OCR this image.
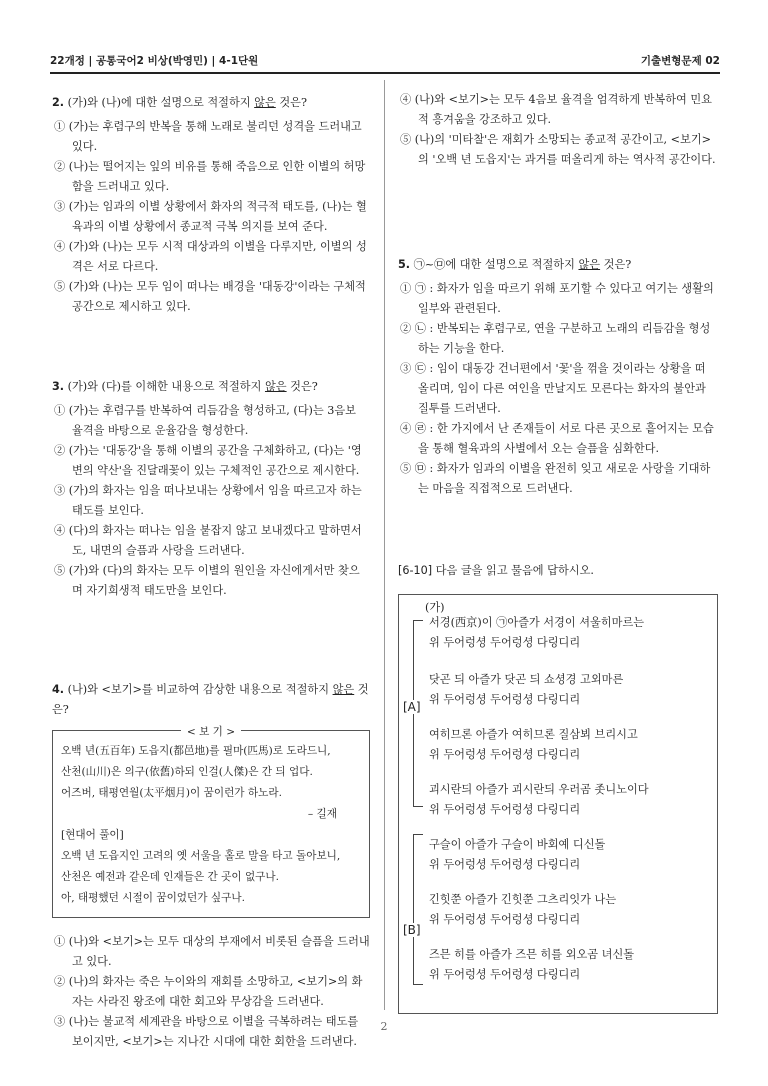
22개정 | 공통국어2 비상(박영민) | 4-1단원	기출변형문제 02
2. (가)와 (나)에 대한 설명으로 적절하지 않은 것은?

① (가)는 후렴구의 반복을 통해 노래로 불리던 성격을 드러내고 있다.

② (나)는 떨어지는 잎의 비유를 통해 죽음으로 인한 이별의 허망함을 드러내고 있다.

③ (가)는 임과의 이별 상황에서 화자의 적극적 태도를, (나)는 혈육과의 이별 상황에서 종교적 극복 의지를 보여 준다.

④ (가)와 (나)는 모두 시적 대상과의 이별을 다루지만, 이별의 성격은 서로 다르다.

⑤ (가)와 (나)는 모두 임이 떠나는 배경을 '대동강'이라는 구체적 공간으로 제시하고 있다.

3. (가)와 (다)를 이해한 내용으로 적절하지 않은 것은?

① (가)는 후렴구를 반복하여 리듬감을 형성하고, (다)는 3음보 율격을 바탕으로 운율감을 형성한다.

② (가)는 '대동강'을 통해 이별의 공간을 구체화하고, (다)는 '영변의 약산'을 진달래꽃이 있는 구체적인 공간으로 제시한다.

③ (가)의 화자는 임을 떠나보내는 상황에서 임을 따르고자 하는 태도를 보인다.

④ (다)의 화자는 떠나는 임을 붙잡지 않고 보내겠다고 말하면서도, 내면의 슬픔과 사랑을 드러낸다.

⑤ (가)와 (다)의 화자는 모두 이별의 원인을 자신에게서만 찾으며 자기희생적 태도만을 보인다.

4. (나)와 <보기>를 비교하여 감상한 내용으로 적절하지 않은 것은?
< 보 기 >
오백 년(五百年) 도읍지(都邑地)를 필마(匹馬)로 도라드니,
산천(山川)은 의구(依舊)하되 인걸(人傑)은 간 듸 업다.
어즈버, 태평연월(太平烟月)이 꿈이런가 하노라.
– 길재
[현대어 풀이]
오백 년 도읍지인 고려의 옛 서울을 홀로 말을 타고 돌아보니,
산천은 예전과 같은데 인재들은 간 곳이 없구나.
아, 태평했던 시절이 꿈이었던가 싶구나.

① (나)와 <보기>는 모두 대상의 부재에서 비롯된 슬픔을 드러내고 있다.

② (나)의 화자는 죽은 누이와의 재회를 소망하고, <보기>의 화자는 사라진 왕조에 대한 회고와 무상감을 드러낸다.

③ (나)는 불교적 세계관을 바탕으로 이별을 극복하려는 태도를 보이지만, <보기>는 지나간 시대에 대한 회한을 드러낸다.

④ (나)와 <보기>는 모두 4음보 율격을 엄격하게 반복하여 민요적 흥겨움을 강조하고 있다.

⑤ (나)의 '미타찰'은 재회가 소망되는 종교적 공간이고, <보기>의 '오백 년 도읍지'는 과거를 떠올리게 하는 역사적 공간이다.

5. ㉠~㉤에 대한 설명으로 적절하지 않은 것은?

① ㉠ : 화자가 임을 따르기 위해 포기할 수 있다고 여기는 생활의 일부와 관련된다.

② ㉡ : 반복되는 후렴구로, 연을 구분하고 노래의 리듬감을 형성하는 기능을 한다.

③ ㉢ : 임이 대동강 건너편에서 '꽃'을 꺾을 것이라는 상황을 떠올리며, 임이 다른 여인을 만날지도 모른다는 화자의 불안과 질투를 드러낸다.

④ ㉣ : 한 가지에서 난 존재들이 서로 다른 곳으로 흩어지는 모습을 통해 혈육과의 사별에서 오는 슬픔을 심화한다.

⑤ ㉤ : 화자가 임과의 이별을 완전히 잊고 새로운 사랑을 기대하는 마음을 직접적으로 드러낸다.

[6-10] 다음 글을 읽고 물음에 답하시오.
(가)
[A]
[B]
서경(西京)이 ㉠아즐가 서경이 셔울히마르는
위 두어렁셩 두어렁셩 다링디리
닷곤 듸 아즐가 닷곤 듸 쇼셩경 고외마른
위 두어렁셩 두어렁셩 다링디리
여히므론 아즐가 여히므론 질삼뵈 브리시고
위 두어렁셩 두어렁셩 다링디리
괴시란듸 아즐가 괴시란듸 우러곰 좃니노이다
위 두어렁셩 두어렁셩 다링디리
구슬이 아즐가 구슬이 바회예 디신돌
위 두어렁셩 두어렁셩 다링디리
긴힛쭌 아즐가 긴힛쭌 그츠리잇가 나는
위 두어렁셩 두어렁셩 다링디리
즈믄 히를 아즐가 즈믄 히를 외오곰 녀신돌
위 두어렁셩 두어렁셩 다링디리
2
